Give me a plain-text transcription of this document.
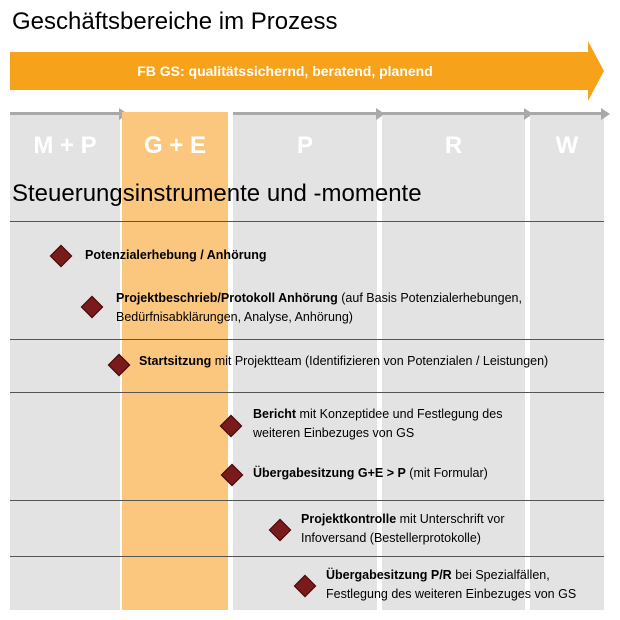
Geschäftsbereiche im Prozess
M + P	G + E	P	R	W
FB GS: qualitätssichernd, beratend, planend
Steuerungsinstrumente und -momente
Potenzialerhebung / Anhörung
Projektbeschrieb/Protokoll Anhörung (auf Basis Potenzialerhebungen,
Bedürfnisabklärungen, Analyse, Anhörung)
Startsitzung mit Projektteam (Identifizieren von Potenzialen / Leistungen)
Bericht mit Konzeptidee und Festlegung des
weiteren Einbezuges von GS
Übergabesitzung G+E > P (mit Formular)
Projektkontrolle mit Unterschrift vor
Infoversand (Bestellerprotokolle)
Übergabesitzung P/R bei Spezialfällen,
Festlegung des weiteren Einbezuges von GS
